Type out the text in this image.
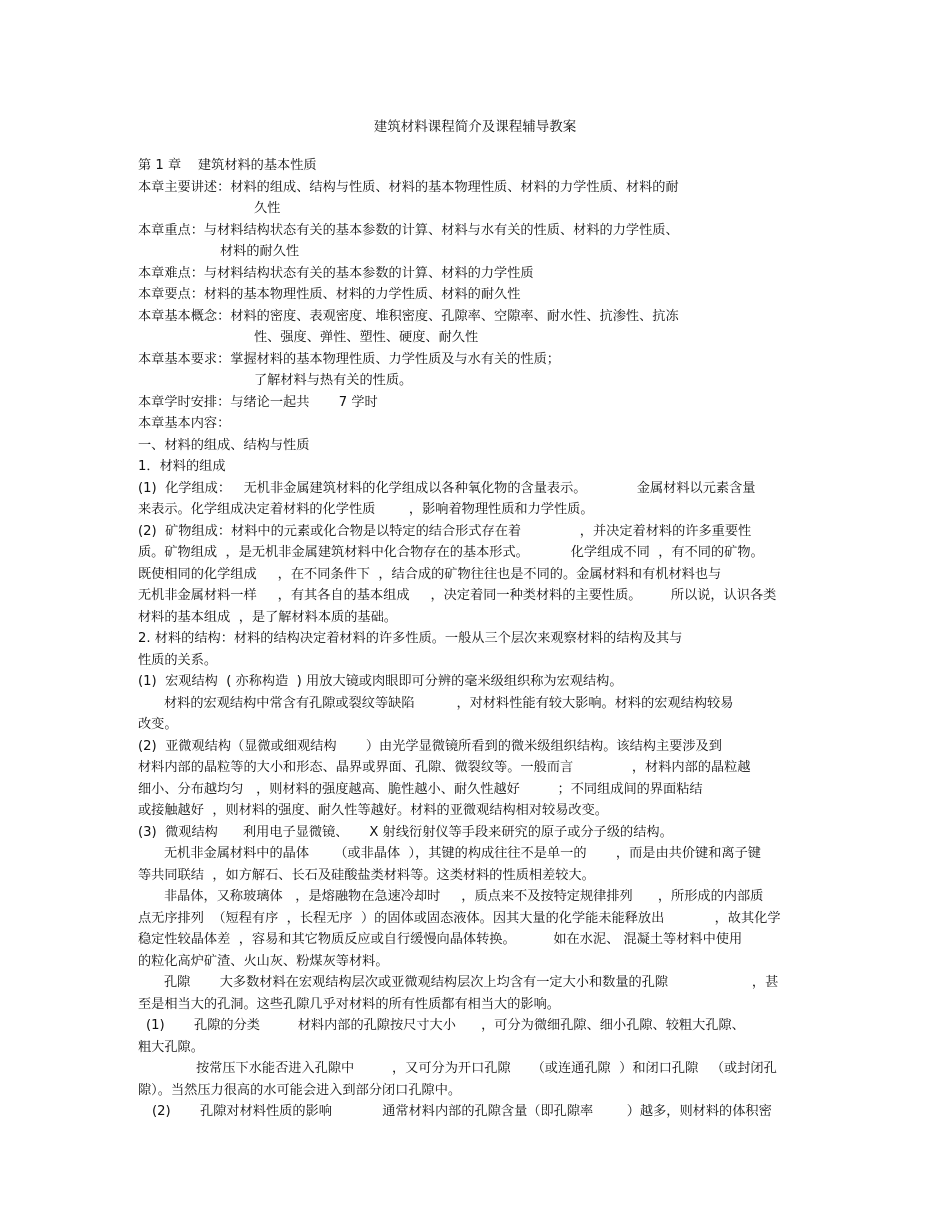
建筑材料课程简介及课程辅导教案
第 1 章    建筑材料的基本性质
本章主要讲述：材料的组成、结构与性质、材料的基本物理性质、材料的力学性质、材料的耐
久性
本章重点：与材料结构状态有关的基本参数的计算、材料与水有关的性质、材料的力学性质、
材料的耐久性
本章难点：与材料结构状态有关的基本参数的计算、材料的力学性质
本章要点：材料的基本物理性质、材料的力学性质、材料的耐久性
本章基本概念：材料的密度、表观密度、堆积密度、孔隙率、空隙率、耐水性、抗渗性、抗冻
性、强度、弹性、塑性、硬度、耐久性
本章基本要求：掌握材料的基本物理性质、力学性质及与水有关的性质；
了解材料与热有关的性质。
本章学时安排：与绪论一起共       7 学时
本章基本内容：
一、材料的组成、结构与性质
1．材料的组成
(1)  化学组成：   无机非金属建筑材料的化学组成以各种氧化物的含量表示。            金属材料以元素含量
来表示。化学组成决定着材料的化学性质        ，影响着物理性质和力学性质。
(2)  矿物组成：材料中的元素或化合物是以特定的结合形式存在着              ，并决定着材料的许多重要性
质。矿物组成  ，是无机非金属建筑材料中化合物存在的基本形式。          化学组成不同  ，有不同的矿物。
既使相同的化学组成     ，在不同条件下  ，结合成的矿物往往也是不同的。金属材料和有机材料也与
无机非金属材料一样     ，有其各自的基本组成     ，决定着同一种类材料的主要性质。       所以说，认识各类
材料的基本组成  ，是了解材料本质的基础。
2. 材料的结构：材料的结构决定着材料的许多性质。一般从三个层次来观察材料的结构及其与
性质的关系。
(1)  宏观结构  ( 亦称构造  ) 用放大镜或肉眼即可分辨的毫米级组织称为宏观结构。
材料的宏观结构中常含有孔隙或裂纹等缺陷          ，对材料性能有较大影响。材料的宏观结构较易
改变。
(2)  亚微观结构（显微或细观结构       ）由光学显微镜所看到的微米级组织结构。该结构主要涉及到
材料内部的晶粒等的大小和形态、晶界或界面、孔隙、微裂纹等。一般而言              ，材料内部的晶粒越
细小、分布越均匀   ，则材料的强度越高、脆性越小、耐久性越好         ；不同组成间的界面粘结
或接触越好  ，则材料的强度、耐久性等越好。材料的亚微观结构相对较易改变。
(3)  微观结构      利用电子显微镜、     X 射线衍射仪等手段来研究的原子或分子级的结构。
无机非金属材料中的晶体      （或非晶体  ），其键的构成往往不是单一的       ，而是由共价键和离子键
等共同联结  ，如方解石、长石及硅酸盐类材料等。这类材料的性质相差较大。
非晶体，又称玻璃体   ，是熔融物在急速冷却时     ，质点来不及按特定规律排列      ，所形成的内部质
点无序排列  （短程有序  ，长程无序  ）的固体或固态液体。因其大量的化学能未能释放出            ，故其化学
稳定性较晶体差  ，容易和其它物质反应或自行缓慢向晶体转换。         如在水泥、 混凝土等材料中使用
的粒化高炉矿渣、火山灰、粉煤灰等材料。
孔隙       大多数材料在宏观结构层次或亚微观结构层次上均含有一定大小和数量的孔隙                    ，甚
至是相当大的孔洞。这些孔隙几乎对材料的所有性质都有相当大的影响。
(1)       孔隙的分类         材料内部的孔隙按尺寸大小      ，可分为微细孔隙、细小孔隙、较粗大孔隙、
粗大孔隙。
按常压下水能否进入孔隙中         ，又可分为开口孔隙     （或连通孔隙  ）和闭口孔隙   （或封闭孔
隙）。当然压力很高的水可能会进入到部分闭口孔隙中。
(2)       孔隙对材料性质的影响            通常材料内部的孔隙含量（即孔隙率        ）越多，则材料的体积密
